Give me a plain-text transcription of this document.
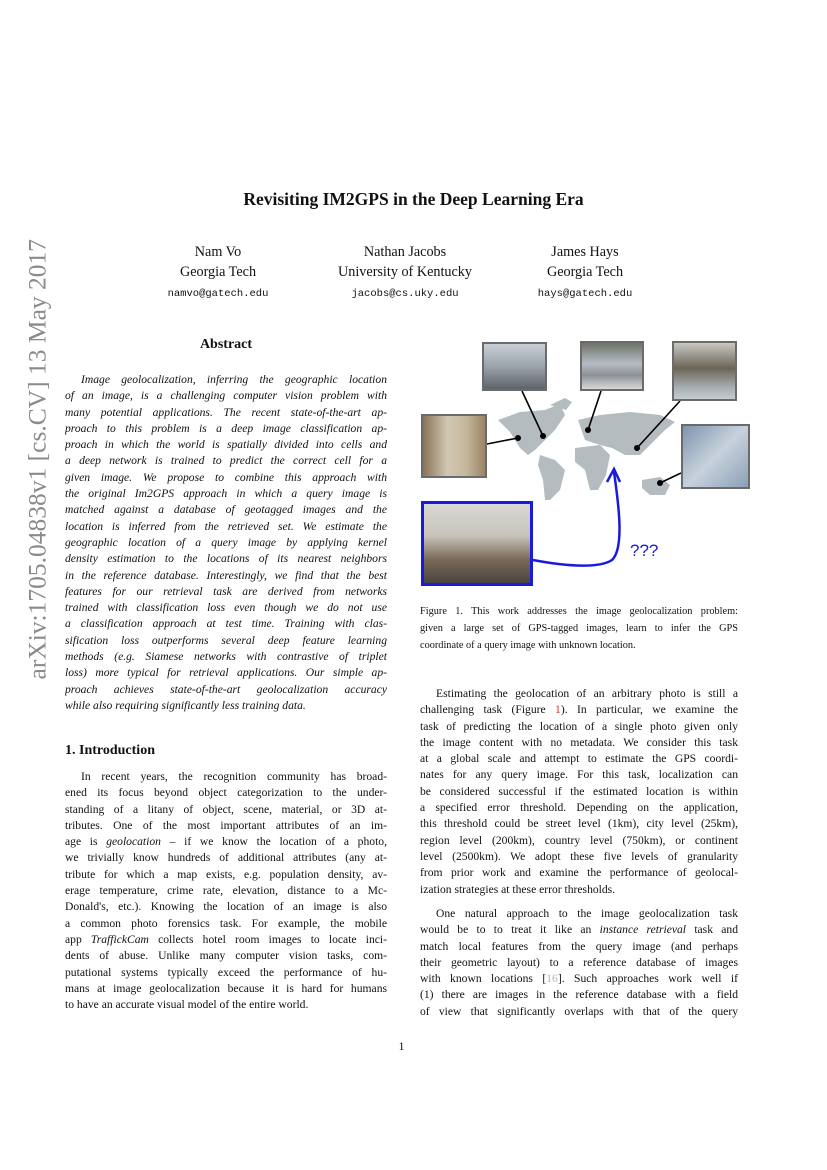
arXiv:1705.04838v1 [cs.CV] 13 May 2017
Revisiting IM2GPS in the Deep Learning Era
Nam Vo
Georgia Tech
namvo@gatech.edu
Nathan Jacobs
University of Kentucky
jacobs@cs.uky.edu
James Hays
Georgia Tech
hays@gatech.edu
Abstract
Image geolocalization, inferring the geographic location
of an image, is a challenging computer vision problem with
many potential applications. The recent state-of-the-art ap-
proach to this problem is a deep image classification ap-
proach in which the world is spatially divided into cells and
a deep network is trained to predict the correct cell for a
given image. We propose to combine this approach with
the original Im2GPS approach in which a query image is
matched against a database of geotagged images and the
location is inferred from the retrieved set. We estimate the
geographic location of a query image by applying kernel
density estimation to the locations of its nearest neighbors
in the reference database. Interestingly, we find that the best
features for our retrieval task are derived from networks
trained with classification loss even though we do not use
a classification approach at test time. Training with clas-
sification loss outperforms several deep feature learning
methods (e.g. Siamese networks with contrastive of triplet
loss) more typical for retrieval applications. Our simple ap-
proach achieves state-of-the-art geolocalization accuracy
while also requiring significantly less training data.
1. Introduction
In recent years, the recognition community has broad-
ened its focus beyond object categorization to the under-
standing of a litany of object, scene, material, or 3D at-
tributes. One of the most important attributes of an im-
age is geolocation – if we know the location of a photo,
we trivially know hundreds of additional attributes (any at-
tribute for which a map exists, e.g. population density, av-
erage temperature, crime rate, elevation, distance to a Mc-
Donald's, etc.). Knowing the location of an image is also
a common photo forensics task. For example, the mobile
app TraffickCam collects hotel room images to locate inci-
dents of abuse. Unlike many computer vision tasks, com-
putational systems typically exceed the performance of hu-
mans at image geolocalization because it is hard for humans
to have an accurate visual model of the entire world.
???
Figure 1. This work addresses the image geolocalization problem:
given a large set of GPS-tagged images, learn to infer the GPS
coordinate of a query image with unknown location.
Estimating the geolocation of an arbitrary photo is still a
challenging task (Figure 1). In particular, we examine the
task of predicting the location of a single photo given only
the image content with no metadata. We consider this task
at a global scale and attempt to estimate the GPS coordi-
nates for any query image. For this task, localization can
be considered successful if the estimated location is within
a specified error threshold. Depending on the application,
this threshold could be street level (1km), city level (25km),
region level (200km), country level (750km), or continent
level (2500km). We adopt these five levels of granularity
from prior work and examine the performance of geolocal-
ization strategies at these error thresholds.
One natural approach to the image geolocalization task
would be to to treat it like an instance retrieval task and
match local features from the query image (and perhaps
their geometric layout) to a reference database of images
with known locations [16]. Such approaches work well if
(1) there are images in the reference database with a field
of view that significantly overlaps with that of the query
1
